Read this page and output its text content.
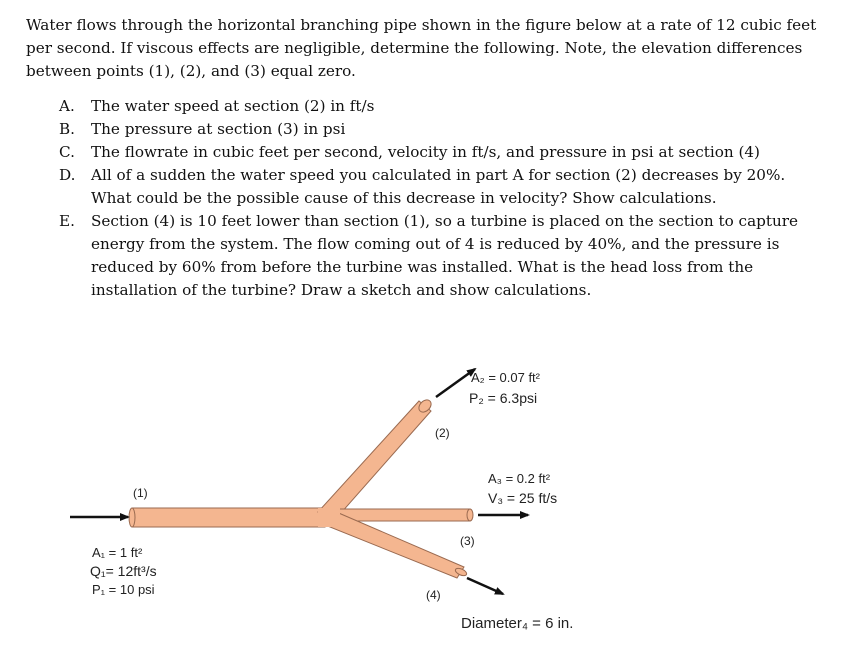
Water flows through the horizontal branching pipe shown in the figure below at a rate of 12 cubic feet per second. If viscous effects are negligible, determine the following. Note, the elevation differences between points (1), (2), and (3) equal zero.

A. The water speed at section (2) in ft/s
B. The pressure at section (3) in psi
C. The flowrate in cubic feet per second, velocity in ft/s, and pressure in psi at section (4)
D. All of a sudden the water speed you calculated in part A for section (2) decreases by 20%. What could be the possible cause of this decrease in velocity? Show calculations.
E. Section (4) is 10 feet lower than section (1), so a turbine is placed on the section to capture energy from the system. The flow coming out of 4 is reduced by 40%, and the pressure is reduced by 60% from before the turbine was installed. What is the head loss from the installation of the turbine? Draw a sketch and show calculations.
(1)
A₁ = 1 ft²
Q₁= 12ft³/s
P₁ = 10 psi
(2)
A₂ = 0.07 ft²
P₂ = 6.3psi
(3)
A₃ = 0.2 ft²
V₃ = 25 ft/s
(4)
Diameter₄ = 6 in.
